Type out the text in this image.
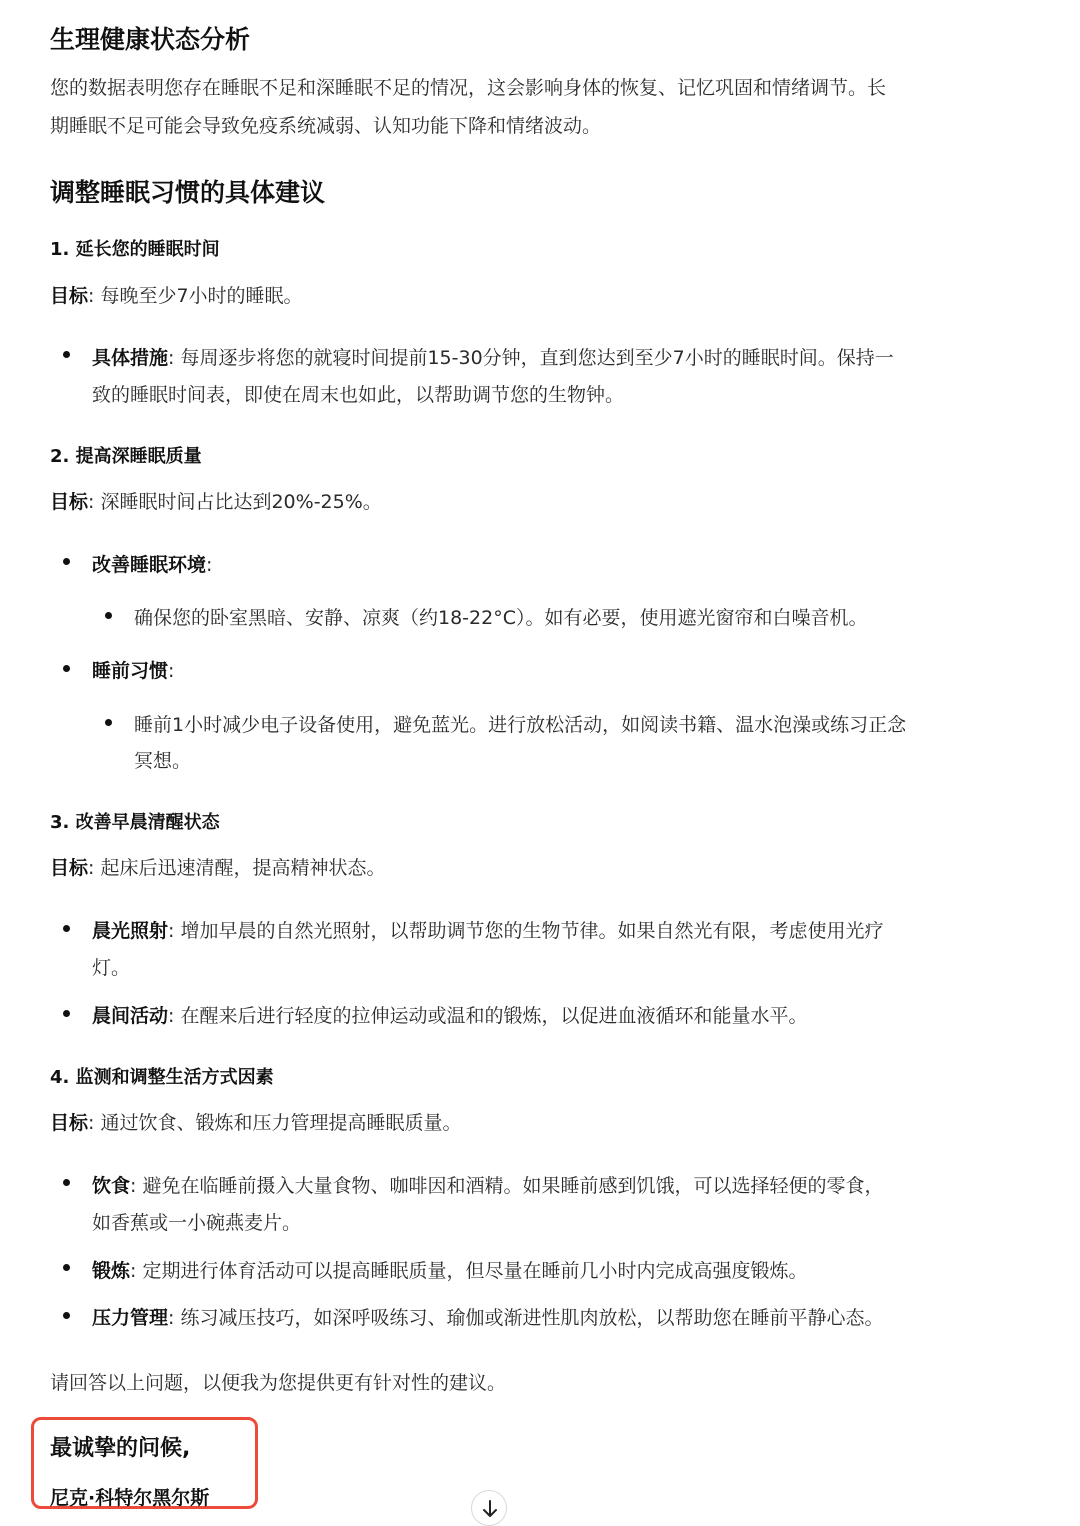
生理健康状态分析
您的数据表明您存在睡眠不足和深睡眠不足的情况，这会影响身体的恢复、记忆巩固和情绪调节。长
期睡眠不足可能会导致免疫系统减弱、认知功能下降和情绪波动。
调整睡眠习惯的具体建议
1. 延长您的睡眠时间
目标: 每晚至少7小时的睡眠。
具体措施: 每周逐步将您的就寝时间提前15-30分钟，直到您达到至少7小时的睡眠时间。保持一
致的睡眠时间表，即使在周末也如此，以帮助调节您的生物钟。
2. 提高深睡眠质量
目标: 深睡眠时间占比达到20%-25%。
改善睡眠环境:
确保您的卧室黑暗、安静、凉爽（约18-22°C）。如有必要，使用遮光窗帘和白噪音机。
睡前习惯:
睡前1小时减少电子设备使用，避免蓝光。进行放松活动，如阅读书籍、温水泡澡或练习正念
冥想。
3. 改善早晨清醒状态
目标: 起床后迅速清醒，提高精神状态。
晨光照射: 增加早晨的自然光照射，以帮助调节您的生物节律。如果自然光有限，考虑使用光疗
灯。
晨间活动: 在醒来后进行轻度的拉伸运动或温和的锻炼，以促进血液循环和能量水平。
4. 监测和调整生活方式因素
目标: 通过饮食、锻炼和压力管理提高睡眠质量。
饮食: 避免在临睡前摄入大量食物、咖啡因和酒精。如果睡前感到饥饿，可以选择轻便的零食，
如香蕉或一小碗燕麦片。
锻炼: 定期进行体育活动可以提高睡眠质量，但尽量在睡前几小时内完成高强度锻炼。
压力管理: 练习减压技巧，如深呼吸练习、瑜伽或渐进性肌肉放松，以帮助您在睡前平静心态。
请回答以上问题，以便我为您提供更有针对性的建议。
最诚挚的问候,
尼克·科特尔黑尔斯
